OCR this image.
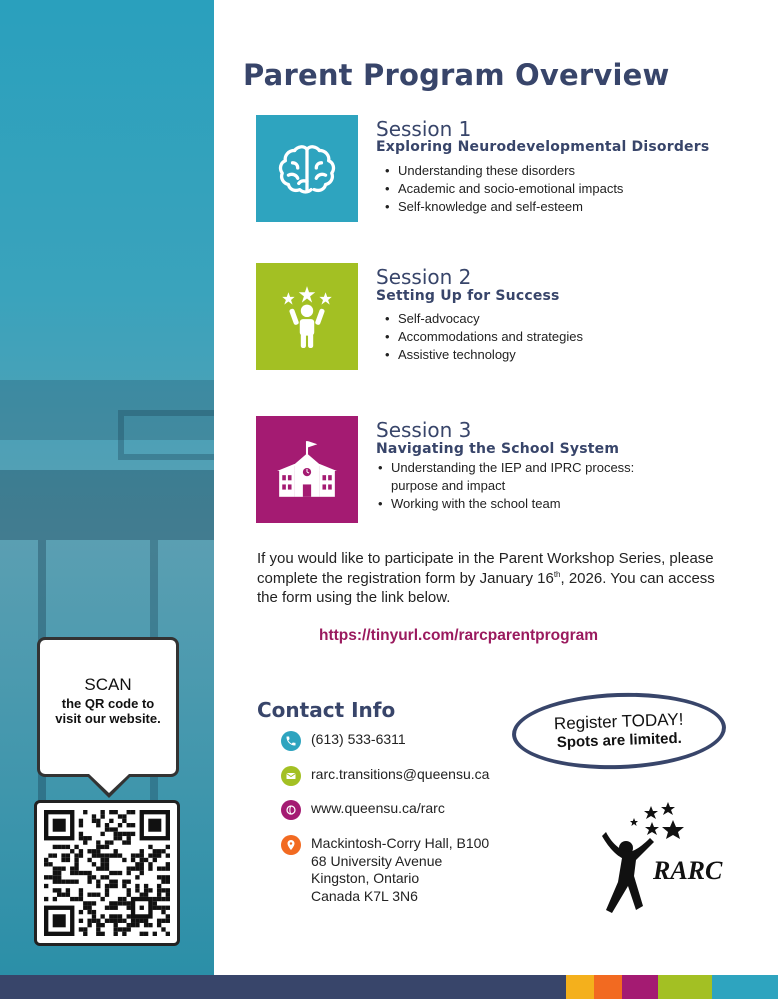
SCAN
the QR code to visit our website.
Parent Program Overview
Session 1
Exploring Neurodevelopmental Disorders
• Understanding these disorders
• Academic and socio-emotional impacts
• Self-knowledge and self-esteem
Session 2
Setting Up for Success
• Self-advocacy
• Accommodations and strategies
• Assistive technology
Session 3
Navigating the School System
• Understanding the IEP and IPRC process:
purpose and impact
• Working with the school team
If you would like to participate in the Parent Workshop Series, please complete the registration form by January 16th, 2026. You can access the form using the link below.
https://tinyurl.com/rarcparentprogram
Contact Info
(613) 533-6311
rarc.transitions@queensu.ca
www.queensu.ca/rarc
Mackintosh-Corry Hall, B100
68 University Avenue
Kingston, Ontario
Canada K7L 3N6
Register TODAY!
Spots are limited.
RARC
